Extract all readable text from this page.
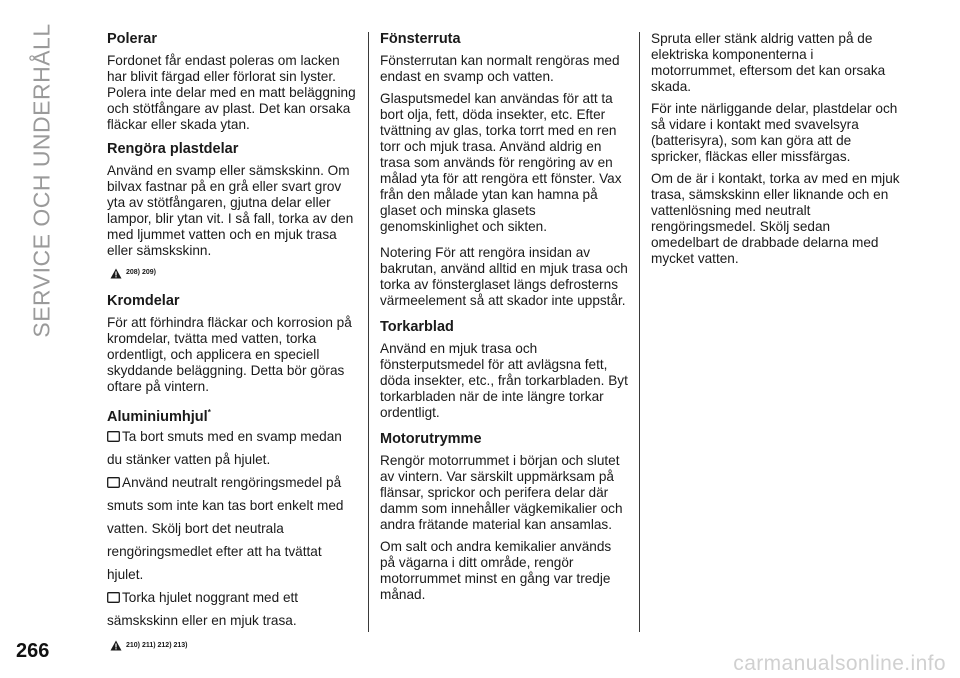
SERVICE OCH UNDERHÅLL	Polerar

Fordonet får endast poleras om lacken har blivit färgad eller förlorat sin lyster. Polera inte delar med en matt beläggning och stötfångare av plast. Det kan orsaka fläckar eller skada ytan.

Rengöra plastdelar

Använd en svamp eller sämskskinn. Om bilvax fastnar på en grå eller svart grov yta av stötfångaren, gjutna delar eller lampor, blir ytan vit. I så fall, torka av den med ljummet vatten och en mjuk trasa eller sämskskinn.

208) 209)
Kromdelar

För att förhindra fläckar och korrosion på kromdelar, tvätta med vatten, torka ordentligt, och applicera en speciell skyddande beläggning. Detta bör göras oftare på vintern.

Aluminiumhjul*

Ta bort smuts med en svamp medan du stänker vatten på hjulet.

Använd neutralt rengöringsmedel på smuts som inte kan tas bort enkelt med vatten. Skölj bort det neutrala rengöringsmedlet efter att ha tvättat hjulet.

Torka hjulet noggrant med ett sämskskinn eller en mjuk trasa.

210) 211) 212) 213)
Fönsterruta

Fönsterrutan kan normalt rengöras med endast en svamp och vatten.

Glasputsmedel kan användas för att ta bort olja, fett, döda insekter, etc. Efter tvättning av glas, torka torrt med en ren torr och mjuk trasa. Använd aldrig en trasa som används för rengöring av en målad yta för att rengöra ett fönster. Vax från den målade ytan kan hamna på glaset och minska glasets genomskinlighet och sikten.

Notering För att rengöra insidan av bakrutan, använd alltid en mjuk trasa och torka av fönsterglaset längs defrosterns värmeelement så att skador inte uppstår.

Torkarblad

Använd en mjuk trasa och fönsterputsmedel för att avlägsna fett, döda insekter, etc., från torkarbladen. Byt torkarbladen när de inte längre torkar ordentligt.

Motorutrymme

Rengör motorrummet i början och slutet av vintern. Var särskilt uppmärksam på flänsar, sprickor och perifera delar där damm som innehåller vägkemikalier och andra frätande material kan ansamlas.

Om salt och andra kemikalier används på vägarna i ditt område, rengör motorrummet minst en gång var tredje månad.

Spruta eller stänk aldrig vatten på de elektriska komponenterna i motorrummet, eftersom det kan orsaka skada.

För inte närliggande delar, plastdelar och så vidare i kontakt med svavelsyra (batterisyra), som kan göra att de spricker, fläckas eller missfärgas.

Om de är i kontakt, torka av med en mjuk trasa, sämskskinn eller liknande och en vattenlösning med neutralt rengöringsmedel. Skölj sedan omedelbart de drabbade delarna med mycket vatten.

266
carmanualsonline.info
